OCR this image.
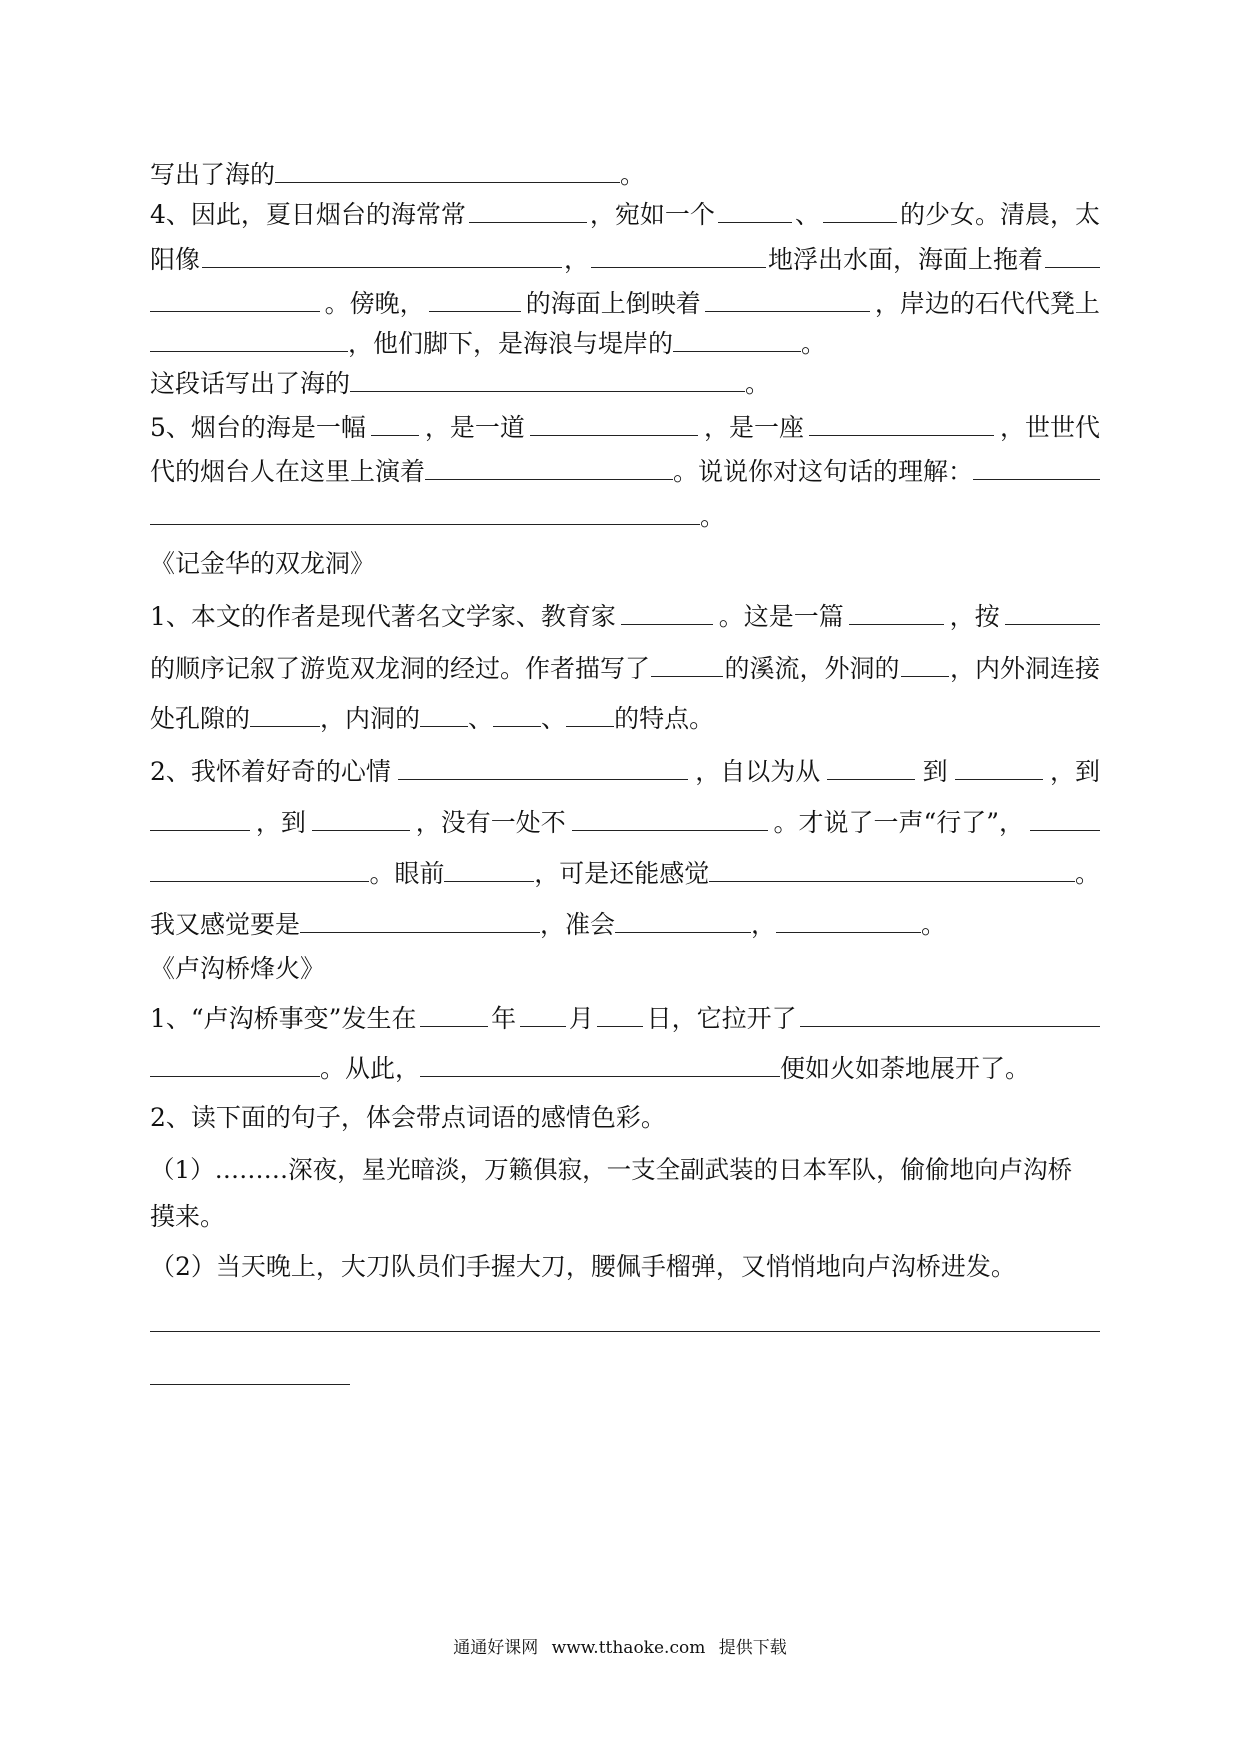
写出了海的	。
4、因此，夏日烟台的海常常	，宛如一个	、	的少女。清晨，太
阳像	，	地浮出水面，海面上拖着
。傍晚，	的海面上倒映着	，岸边的石代代凳上
，他们脚下，是海浪与堤岸的	。
这段话写出了海的	。
5、烟台的海是一幅 ，是一道	，是一座	，世世代
代的烟台人在这里上演着	。说说你对这句话的理解：
。
《记金华的双龙洞》
1、本文的作者是现代著名文学家、教育家	。这是一篇	，按
的顺序记叙了游览双龙洞的经过。作者描写了	的溪流，外洞的 ，内外洞连接
处孔隙的	，内洞的 、 、 的特点。
2、我怀着好奇的心情	，自以为从	到	，到
，到	，没有一处不	。才说了一声“行了”，
。眼前	，可是还能感觉	。
我又感觉要是	，准会	，	。
《卢沟桥烽火》
1、“卢沟桥事变”发生在	年 月 日，它拉开了
。从此，	便如火如荼地展开了。
2、读下面的句子，体会带点词语的感情色彩。
（1）………深夜，星光暗淡，万籁俱寂，一支全副武装的日本军队，偷偷地向卢沟桥
摸来。
（2）当天晚上，大刀队员们手握大刀，腰佩手榴弹，又悄悄地向卢沟桥进发。
通通好课网 www.tthaoke.com 提供下载
